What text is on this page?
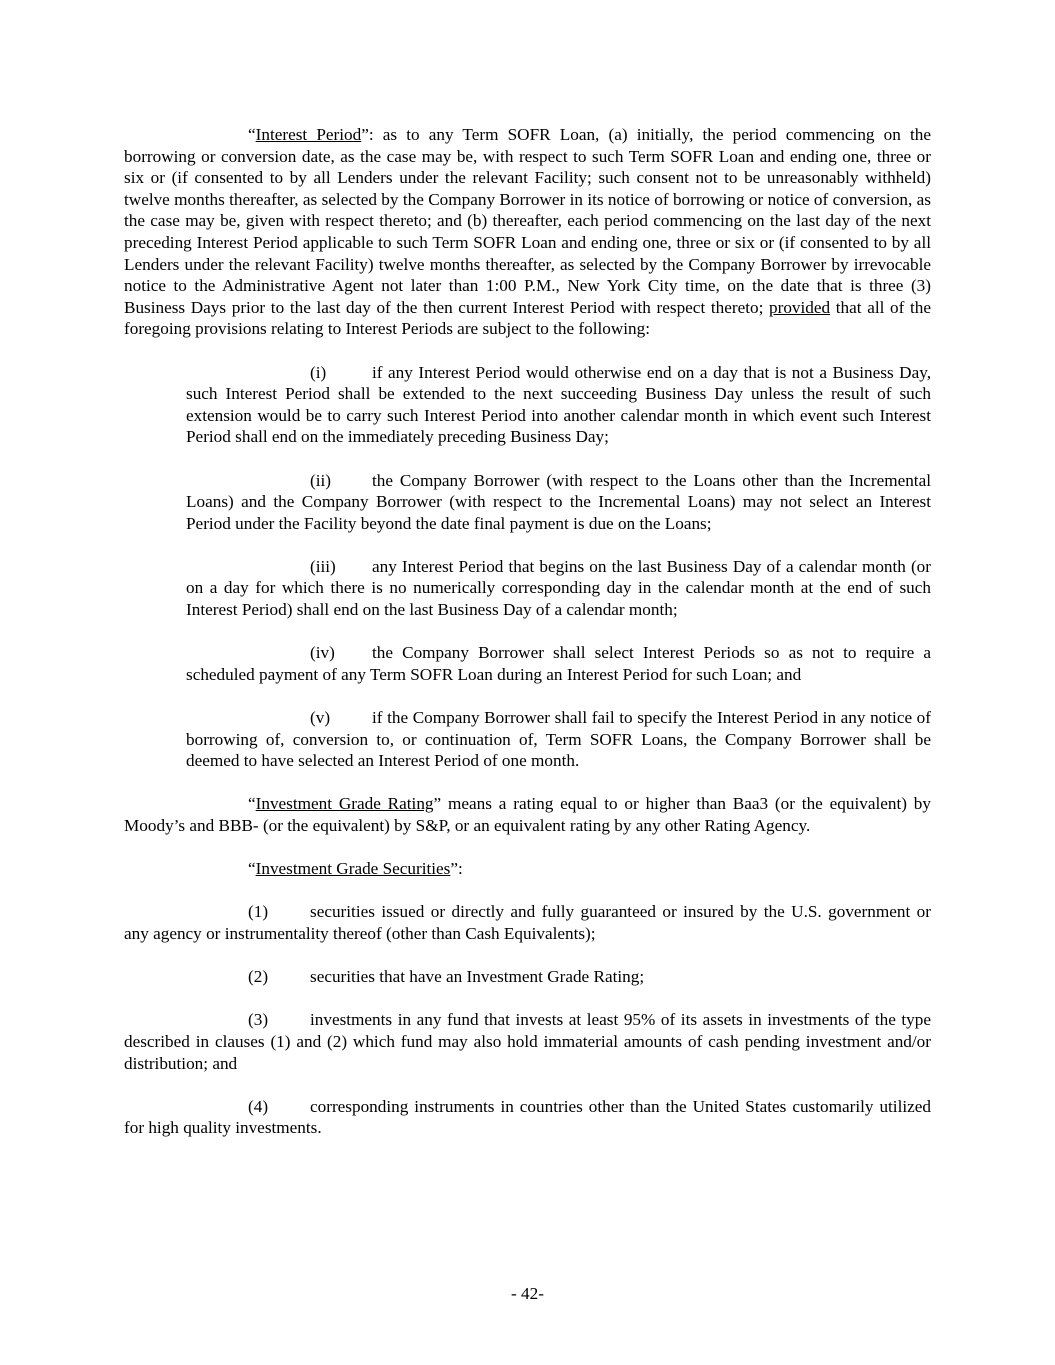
“Interest Period”: as to any Term SOFR Loan, (a) initially, the period commencing on the borrowing or conversion date, as the case may be, with respect to such Term SOFR Loan and ending one, three or six or (if consented to by all Lenders under the relevant Facility; such consent not to be unreasonably withheld) twelve months thereafter, as selected by the Company Borrower in its notice of borrowing or notice of conversion, as the case may be, given with respect thereto; and (b) thereafter, each period commencing on the last day of the next preceding Interest Period applicable to such Term SOFR Loan and ending one, three or six or (if consented to by all Lenders under the relevant Facility) twelve months thereafter, as selected by the Company Borrower by irrevocable notice to the Administrative Agent not later than 1:00 P.M., New York City time, on the date that is three (3) Business Days prior to the last day of the then current Interest Period with respect thereto; provided that all of the foregoing provisions relating to Interest Periods are subject to the following:

(i)	if any Interest Period would otherwise end on a day that is not a Business Day, such Interest Period shall be extended to the next succeeding Business Day unless the result of such extension would be to carry such Interest Period into another calendar month in which event such Interest Period shall end on the immediately preceding Business Day;

(ii) the Company Borrower (with respect to the Loans other than the Incremental Loans) and the Company Borrower (with respect to the Incremental Loans) may not select an Interest Period under the Facility beyond the date final payment is due on the Loans;

(iii) any Interest Period that begins on the last Business Day of a calendar month (or on a day for which there is no numerically corresponding day in the calendar month at the end of such Interest Period) shall end on the last Business Day of a calendar month;

(iv) the Company Borrower shall select Interest Periods so as not to require a scheduled payment of any Term SOFR Loan during an Interest Period for such Loan; and

(v) if the Company Borrower shall fail to specify the Interest Period in any notice of borrowing of, conversion to, or continuation of, Term SOFR Loans, the Company Borrower shall be deemed to have selected an Interest Period of one month.

“Investment Grade Rating” means a rating equal to or higher than Baa3 (or the equivalent) by Moody’s and BBB- (or the equivalent) by S&P, or an equivalent rating by any other Rating Agency.

“Investment Grade Securities”:

(1) securities issued or directly and fully guaranteed or insured by the U.S. government or any agency or instrumentality thereof (other than Cash Equivalents);

(2) securities that have an Investment Grade Rating;

(3) investments in any fund that invests at least 95% of its assets in investments of the type described in clauses (1) and (2) which fund may also hold immaterial amounts of cash pending investment and/or distribution; and

(4) corresponding instruments in countries other than the United States customarily utilized for high quality investments.

- 42-
